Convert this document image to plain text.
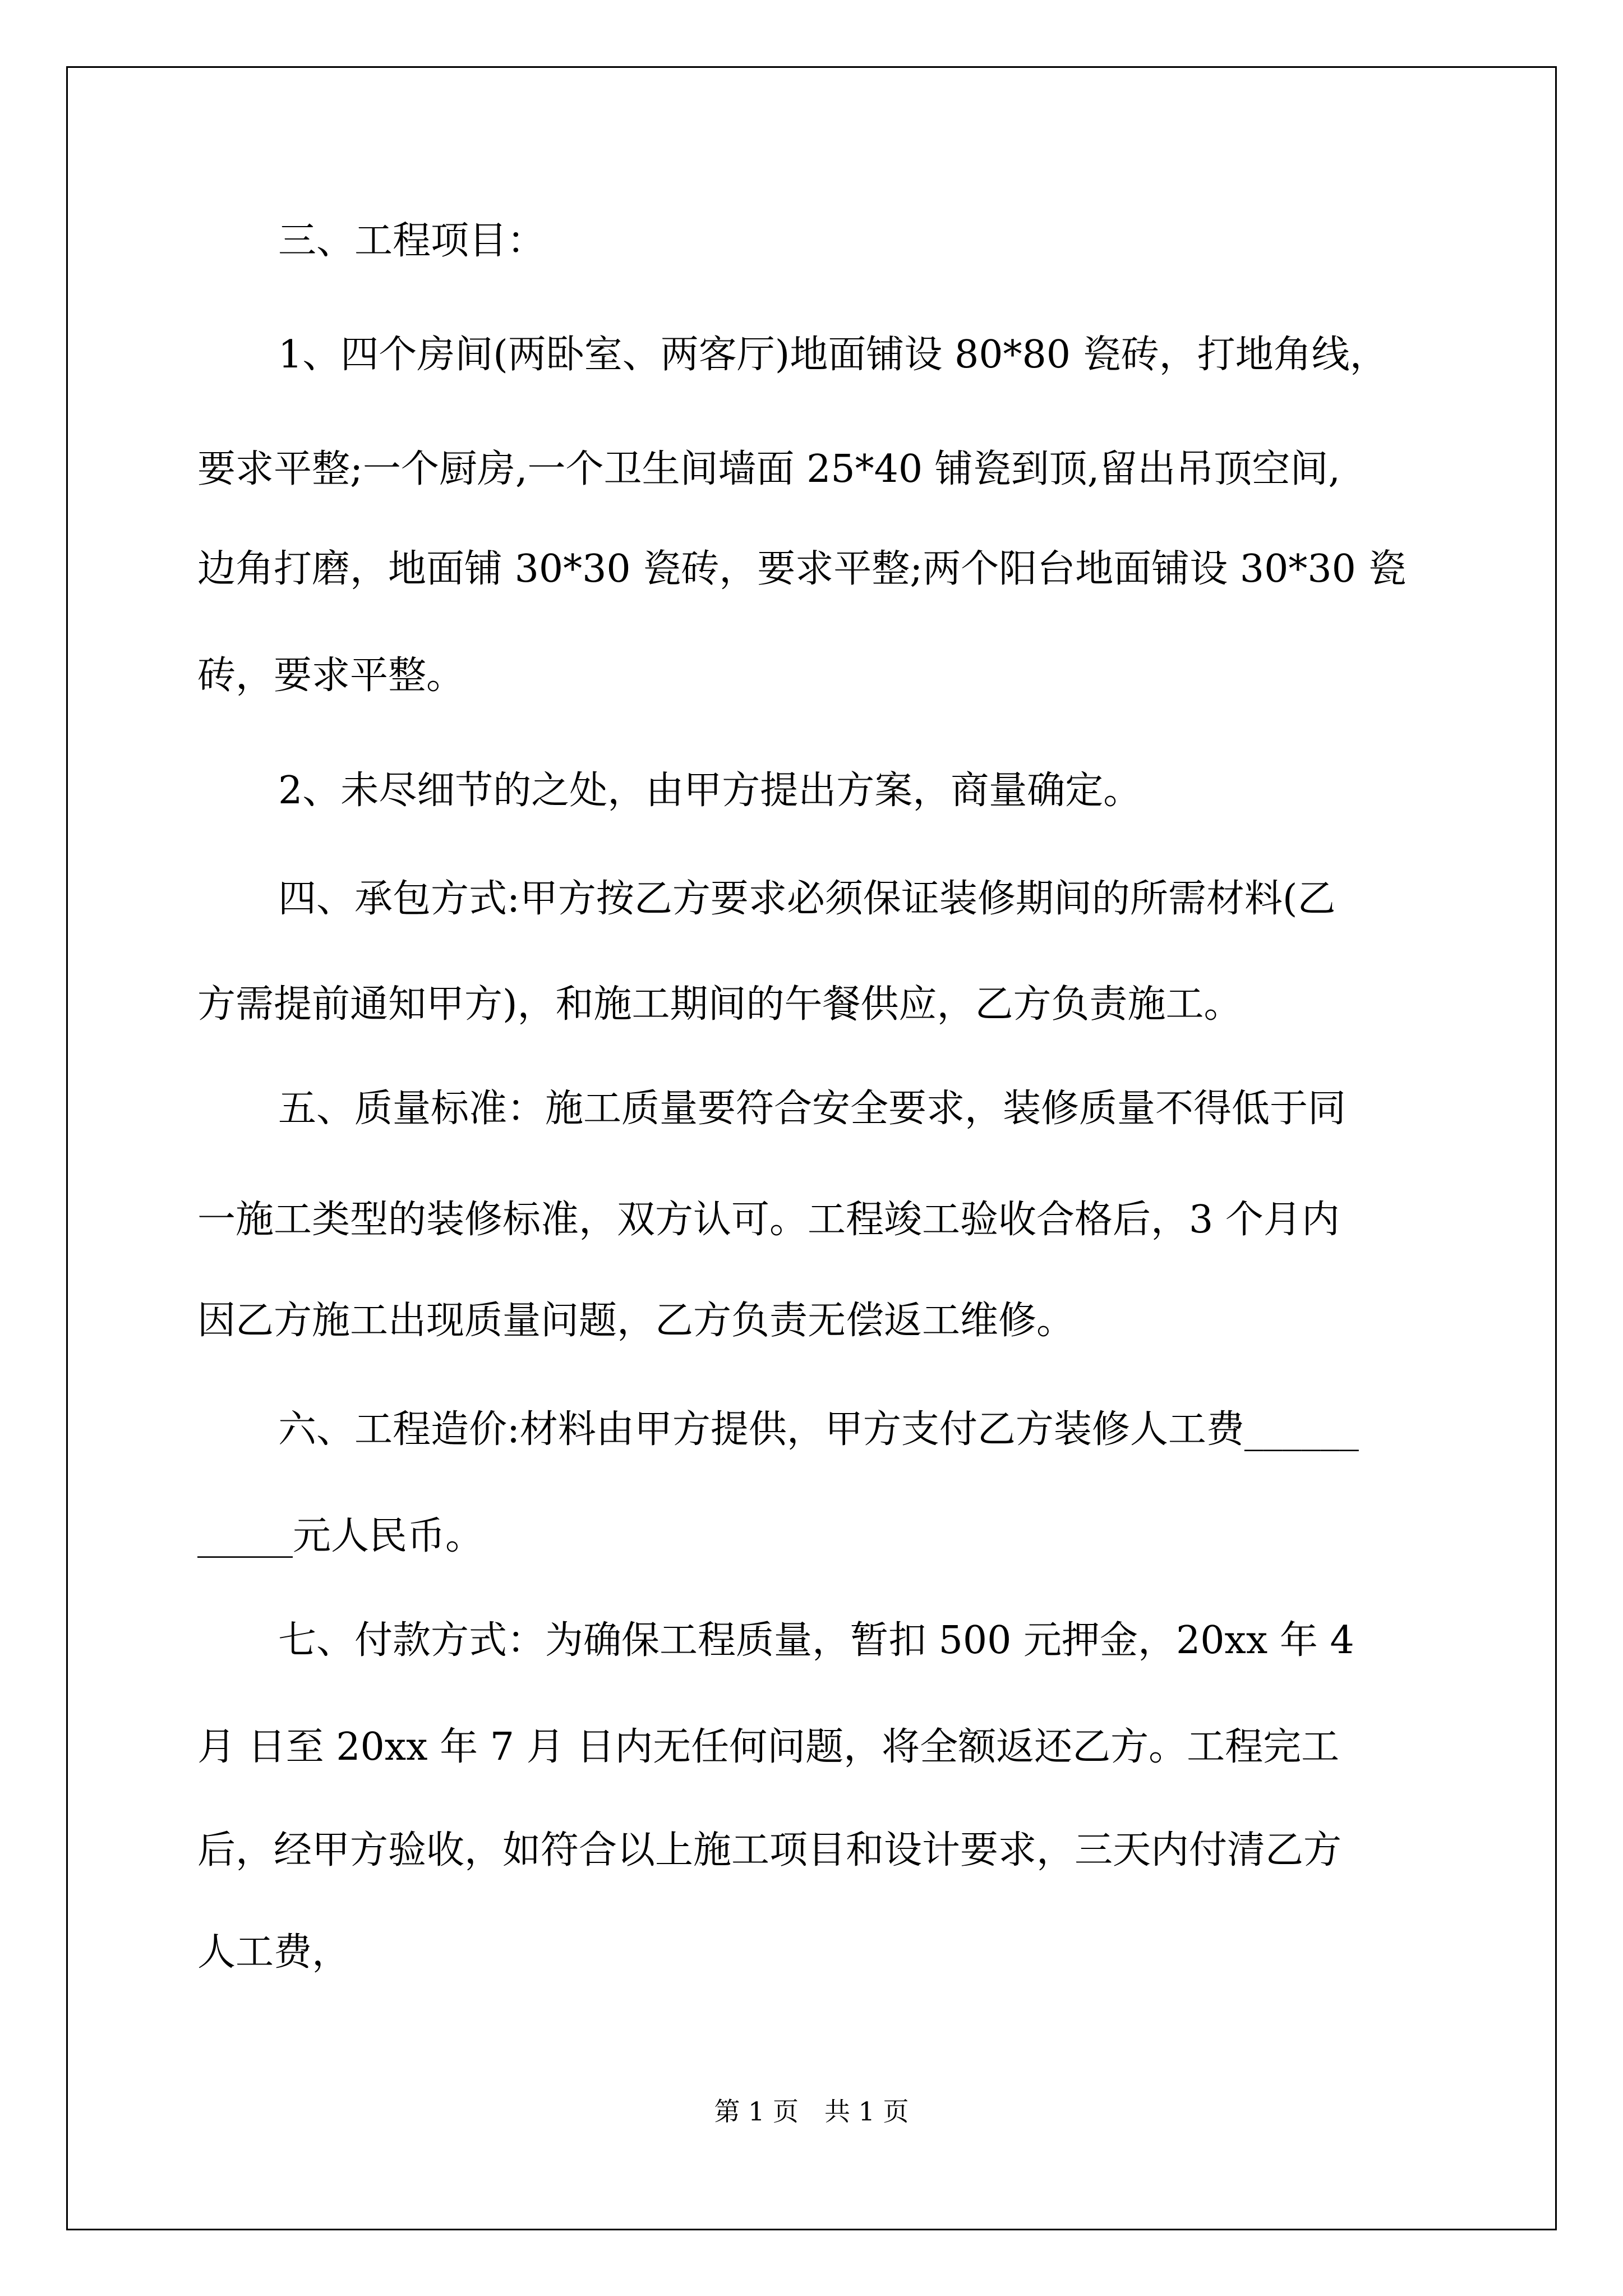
三、工程项目：
1、四个房间(两卧室、两客厅)地面铺设 80*80 瓷砖，打地角线，
要求平整;一个厨房,一个卫生间墙面 25*40 铺瓷到顶,留出吊顶空间,
边角打磨，地面铺 30*30 瓷砖，要求平整;两个阳台地面铺设 30*30 瓷
砖，要求平整。
2、未尽细节的之处，由甲方提出方案，商量确定。
四、承包方式:甲方按乙方要求必须保证装修期间的所需材料(乙
方需提前通知甲方)，和施工期间的午餐供应，乙方负责施工。
五、质量标准：施工质量要符合安全要求，装修质量不得低于同
一施工类型的装修标准，双方认可。工程竣工验收合格后，3 个月内
因乙方施工出现质量问题，乙方负责无偿返工维修。
六、工程造价:材料由甲方提供，甲方支付乙方装修人工费______
_____元人民币。
七、付款方式：为确保工程质量，暂扣 500 元押金，20xx 年 4
月 日至 20xx 年 7 月 日内无任何问题，将全额返还乙方。工程完工
后，经甲方验收，如符合以上施工项目和设计要求，三天内付清乙方
人工费，
第 1 页　共 1 页
